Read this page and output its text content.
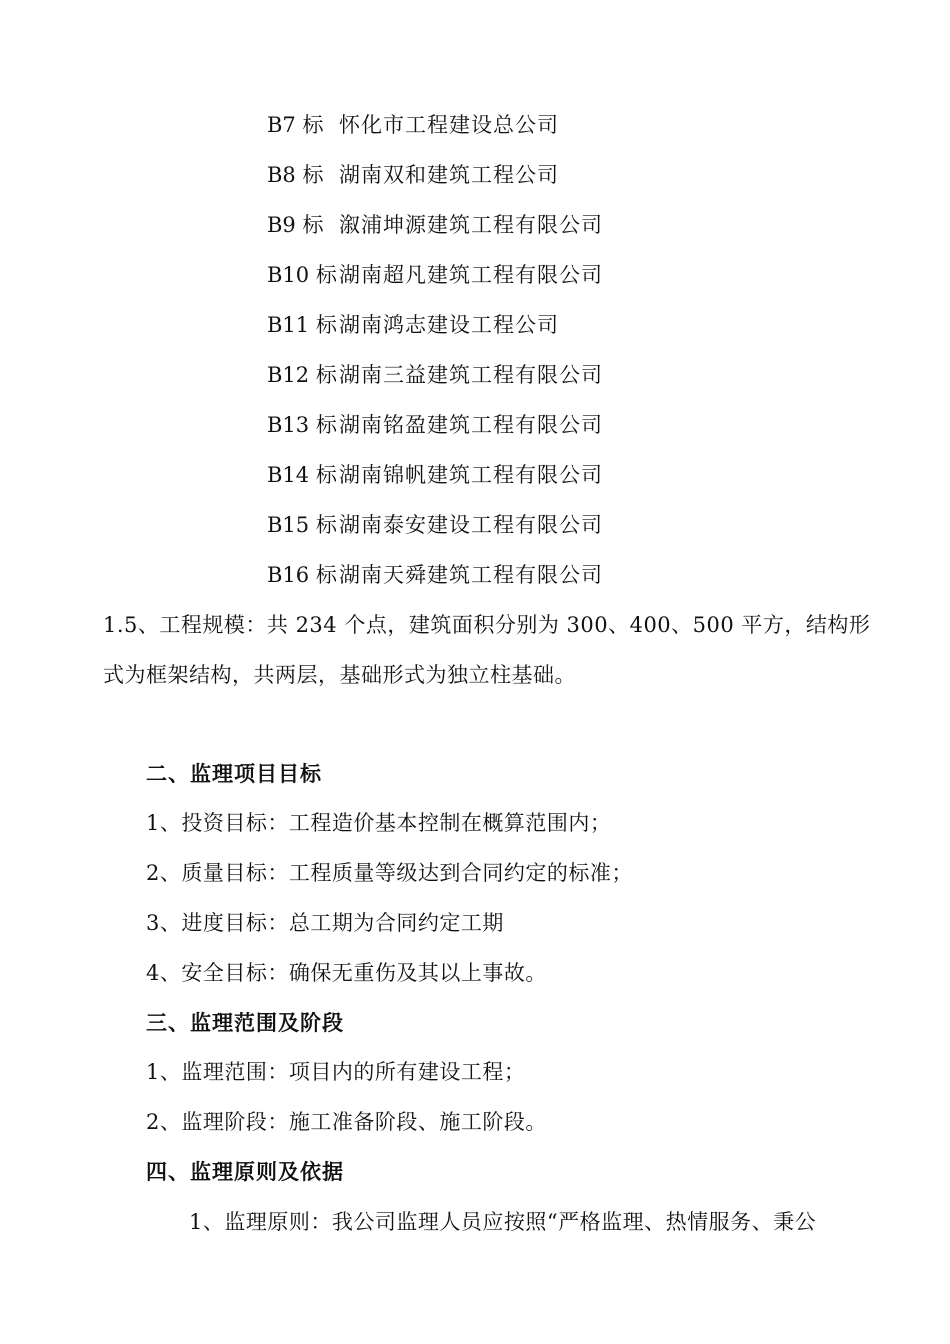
B7 标 怀化市工程建设总公司
B8 标 湖南双和建筑工程公司
B9 标 溆浦坤源建筑工程有限公司
B10 标 湖南超凡建筑工程有限公司
B11 标 湖南鸿志建设工程公司
B12 标 湖南三益建筑工程有限公司
B13 标 湖南铭盈建筑工程有限公司
B14 标 湖南锦帆建筑工程有限公司
B15 标 湖南泰安建设工程有限公司
B16 标 湖南天舜建筑工程有限公司
1.5、工程规模：共 234 个点，建筑面积分别为 300、400、500 平方，结构形
式为框架结构，共两层，基础形式为独立柱基础。
二、监理项目目标
1、投资目标：工程造价基本控制在概算范围内；
2、质量目标：工程质量等级达到合同约定的标准；
3、进度目标：总工期为合同约定工期
4、安全目标：确保无重伤及其以上事故。
三、监理范围及阶段
1、监理范围：项目内的所有建设工程；
2、监理阶段：施工准备阶段、施工阶段。
四、监理原则及依据
1、监理原则：我公司监理人员应按照“严格监理、热情服务、秉公
